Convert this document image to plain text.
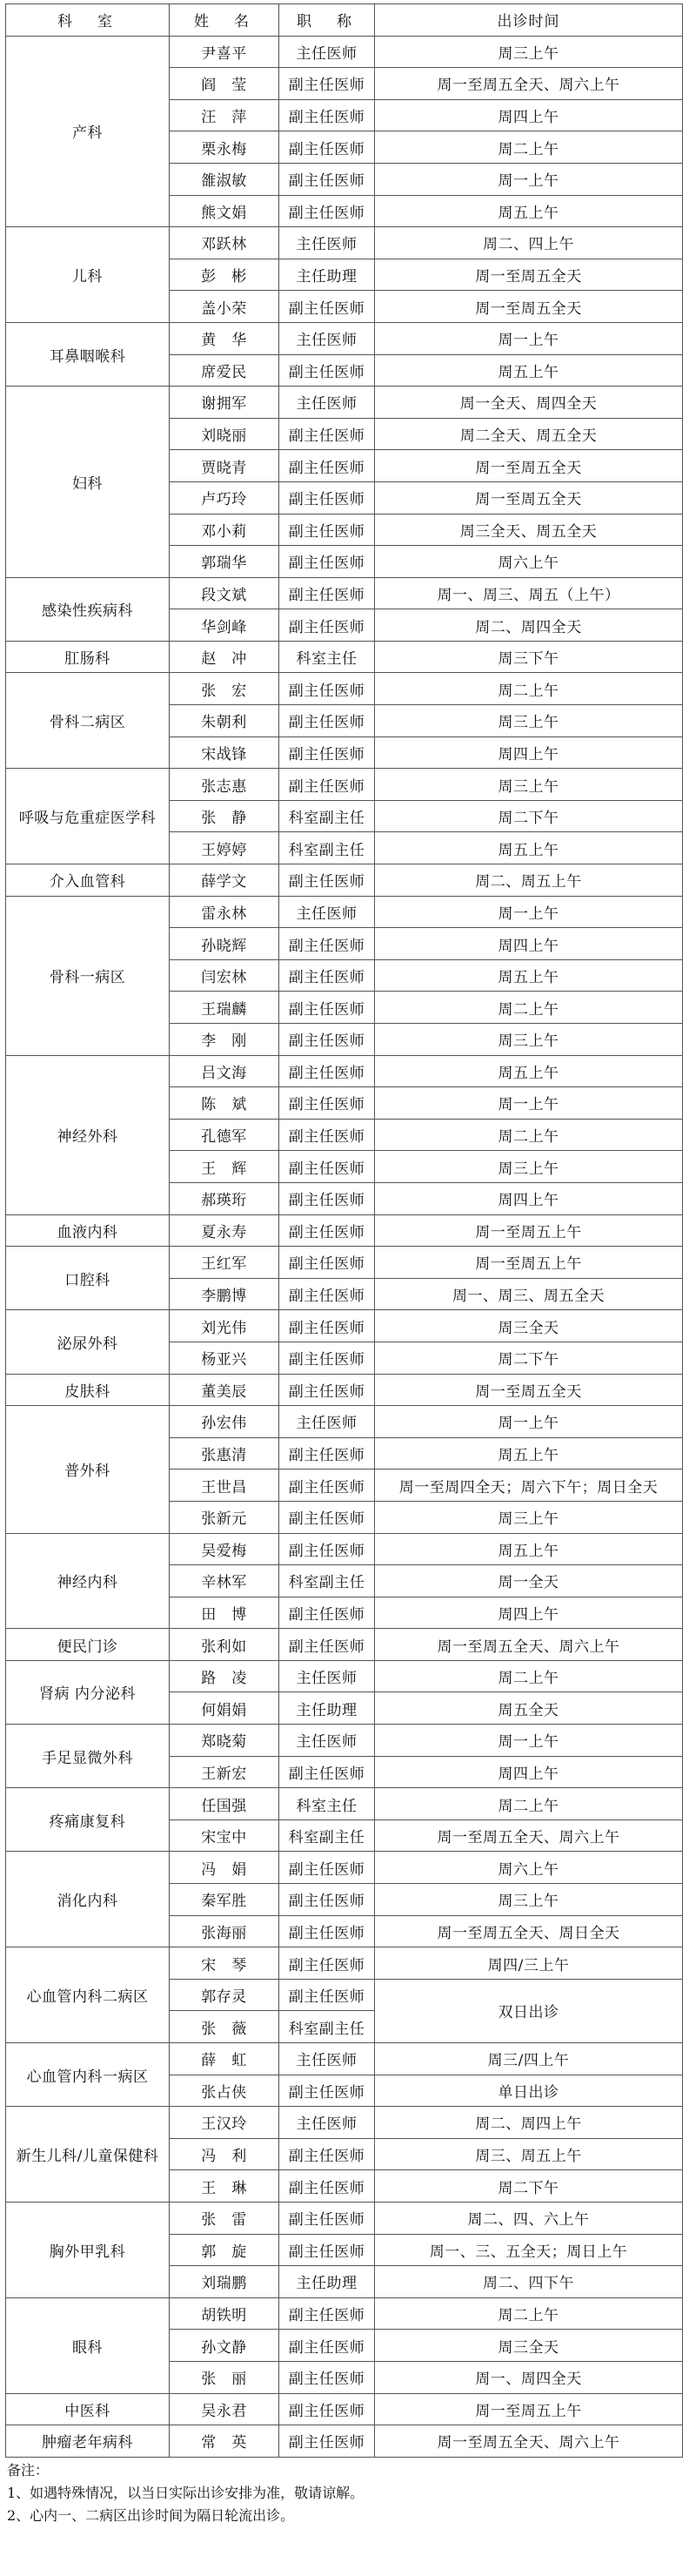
科　室	姓　名	职　称	出诊时间
产科	尹喜平	主任医师	周三上午
	阎　莹	副主任医师	周一至周五全天、周六上午
	汪　萍	副主任医师	周四上午
	栗永梅	副主任医师	周二上午
	雒淑敏	副主任医师	周一上午
	熊文娟	副主任医师	周五上午
儿科	邓跃林	主任医师	周二、四上午
	彭　彬	主任助理	周一至周五全天
	盖小荣	副主任医师	周一至周五全天
耳鼻咽喉科	黄　华	主任医师	周一上午
	席爱民	副主任医师	周五上午
妇科	谢拥军	主任医师	周一全天、周四全天
	刘晓丽	副主任医师	周二全天、周五全天
	贾晓青	副主任医师	周一至周五全天
	卢巧玲	副主任医师	周一至周五全天
	邓小莉	副主任医师	周三全天、周五全天
	郭瑞华	副主任医师	周六上午
感染性疾病科	段文斌	副主任医师	周一、周三、周五（上午）
	华剑峰	副主任医师	周二、周四全天
肛肠科	赵　冲	科室主任	周三下午
骨科二病区	张　宏	副主任医师	周二上午
	朱朝利	副主任医师	周三上午
	宋战锋	副主任医师	周四上午
呼吸与危重症医学科	张志惠	副主任医师	周三上午
	张　静	科室副主任	周二下午
	王婷婷	科室副主任	周五上午
介入血管科	薛学文	副主任医师	周二、周五上午
骨科一病区	雷永林	主任医师	周一上午
	孙晓辉	副主任医师	周四上午
	闫宏林	副主任医师	周五上午
	王瑞麟	副主任医师	周二上午
	李　刚	副主任医师	周三上午
神经外科	吕文海	副主任医师	周五上午
	陈　斌	副主任医师	周一上午
	孔德军	副主任医师	周二上午
	王　辉	副主任医师	周三上午
	郝瑛珩	副主任医师	周四上午
血液内科	夏永寿	副主任医师	周一至周五上午
口腔科	王红军	副主任医师	周一至周五上午
	李鹏博	副主任医师	周一、周三、周五全天
泌尿外科	刘光伟	副主任医师	周三全天
	杨亚兴	副主任医师	周二下午
皮肤科	董美辰	副主任医师	周一至周五全天
普外科	孙宏伟	主任医师	周一上午
	张惠清	副主任医师	周五上午
	王世昌	副主任医师	周一至周四全天；周六下午；周日全天
	张新元	副主任医师	周三上午
神经内科	吴爱梅	副主任医师	周五上午
	辛林军	科室副主任	周一全天
	田　博	副主任医师	周四上午
便民门诊	张利如	副主任医师	周一至周五全天、周六上午
肾病 内分泌科	路　凌	主任医师	周二上午
	何娟娟	主任助理	周五全天
手足显微外科	郑晓菊	主任医师	周一上午
	王新宏	副主任医师	周四上午
疼痛康复科	任国强	科室主任	周二上午
	宋宝中	科室副主任	周一至周五全天、周六上午
消化内科	冯　娟	副主任医师	周六上午
	秦军胜	副主任医师	周三上午
	张海丽	副主任医师	周一至周五全天、周日全天
心血管内科二病区	宋　琴	副主任医师	周四/三上午
	郭存灵	副主任医师	双日出诊
	张　薇	科室副主任	
心血管内科一病区	薛　虹	主任医师	周三/四上午
	张占侠	副主任医师	单日出诊
新生儿科/儿童保健科	王汉玲	主任医师	周二、周四上午
	冯　利	副主任医师	周三、周五上午
	王　琳	副主任医师	周二下午
胸外甲乳科	张　雷	副主任医师	周二、四、六上午
	郭　旋	副主任医师	周一、三、五全天；周日上午
	刘瑞鹏	主任助理	周二、四下午
眼科	胡铁明	副主任医师	周二上午
	孙文静	副主任医师	周三全天
	张　丽	副主任医师	周一、周四全天
中医科	吴永君	副主任医师	周一至周五上午
肿瘤老年病科	常　英	副主任医师	周一至周五全天、周六上午
备注：
1、如遇特殊情况，以当日实际出诊安排为准，敬请谅解。
2、心内一、二病区出诊时间为隔日轮流出诊。
